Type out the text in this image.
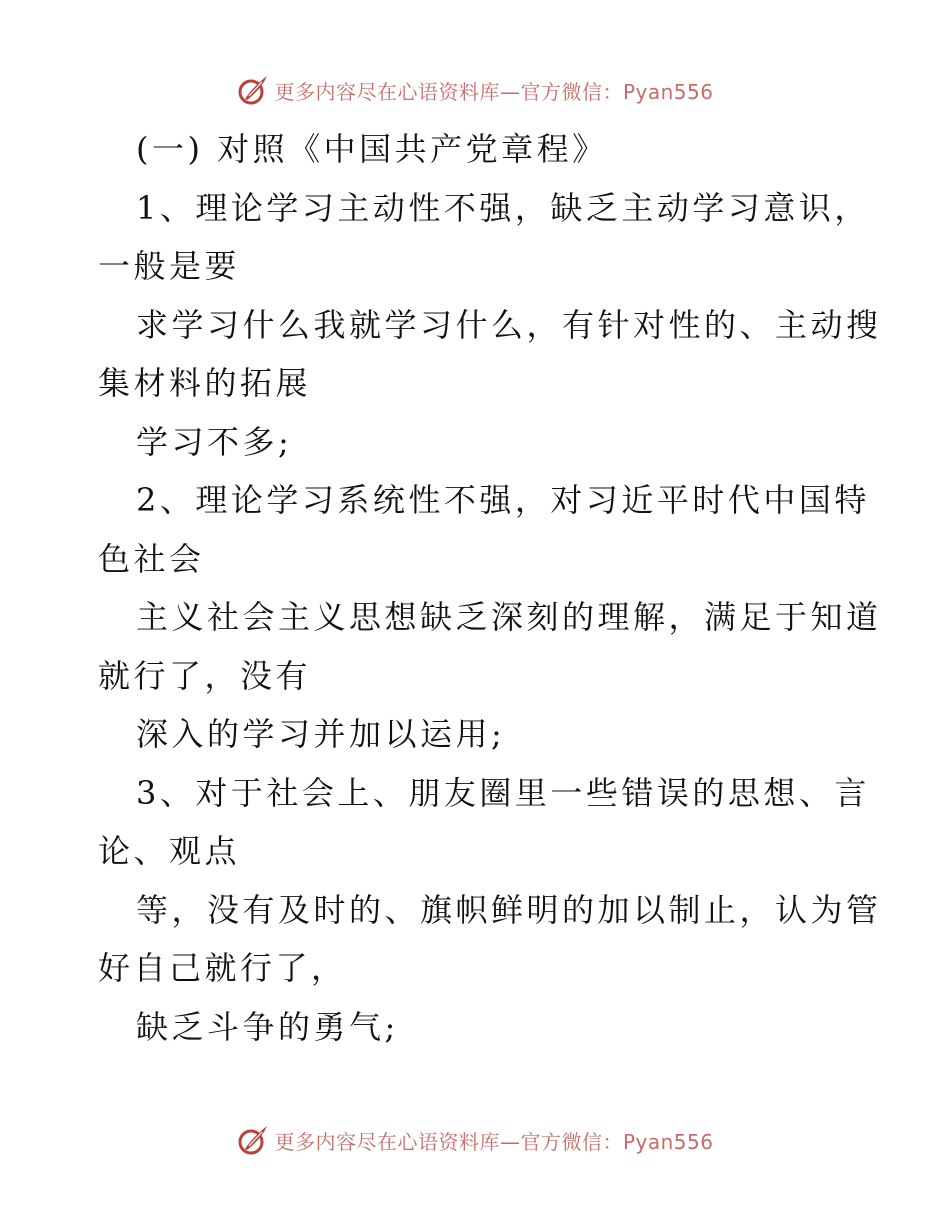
更多内容尽在心语资料库—官方微信：Pyan556
(一) 对照《中国共产党章程》
1、理论学习主动性不强，缺乏主动学习意识，
一般是要
求学习什么我就学习什么，有针对性的、主动搜
集材料的拓展
学习不多;
2、理论学习系统性不强，对习近平时代中国特
色社会
主义社会主义思想缺乏深刻的理解，满足于知道
就行了，没有
深入的学习并加以运用;
3、对于社会上、朋友圈里一些错误的思想、言
论、观点
等，没有及时的、旗帜鲜明的加以制止，认为管
好自己就行了，
缺乏斗争的勇气;
更多内容尽在心语资料库—官方微信：Pyan556
